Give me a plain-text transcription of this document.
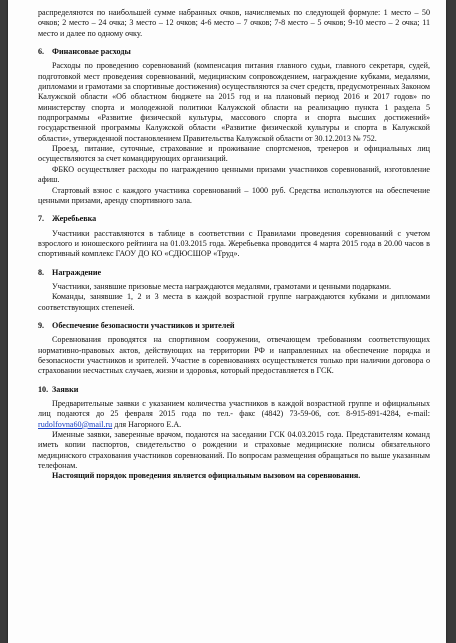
распределяются по наибольшей сумме набранных очков, начисляемых по следующей формуле: 1 место – 50 очков; 2 место – 24 очка; 3 место – 12 очков; 4-6 место – 7 очков; 7-8 место – 5 очков; 9-10 место – 2 очка; 11 место и далее по одному очку.

6. Финансовые расходы

Расходы по проведению соревнований (компенсация питания главного судьи, главного секретаря, судей, подготовкой мест проведения соревнований, медицинским сопровождением, награждение кубками, медалями, дипломами и грамотами за спортивные достижения) осуществляются за счет средств, предусмотренных Законом Калужской области «Об областном бюджете на 2015 год и на плановый период 2016 и 2017 годов» по министерству спорта и молодежной политики Калужской области на реализацию пункта 1 раздела 5 подпрограммы «Развитие физической культуры, массового спорта и спорта высших достижений» государственной программы Калужской области «Развитие физической культуры и спорта в Калужской области», утвержденной постановлением Правительства Калужской области от 30.12.2013 № 752.

Проезд, питание, суточные, страхование и проживание спортсменов, тренеров и официальных лиц осуществляются за счет командирующих организаций.

ФБКО осуществляет расходы по награждению ценными призами участников соревнований, изготовление афиш.

Стартовый взнос с каждого участника соревнований – 1000 руб. Средства используются на обеспечение ценными призами, аренду спортивного зала.

7. Жеребьевка

Участники расставляются в таблице в соответствии с Правилами проведения соревнований с учетом взрослого и юношеского рейтинга на 01.03.2015 года. Жеребьевка проводится 4 марта 2015 года в 20.00 часов в спортивный комплекс ГАОУ ДО КО «СДЮСШОР «Труд».

8. Награждение

Участники, занявшие призовые места награждаются медалями, грамотами и ценными подарками.

Команды, занявшие 1, 2 и 3 места в каждой возрастной группе награждаются кубками и дипломами соответствующих степеней.

9. Обеспечение безопасности участников и зрителей

Соревнования проводятся на спортивном сооружении, отвечающем требованиям соответствующих нормативно-правовых актов, действующих на территории РФ и направленных на обеспечение порядка и безопасности участников и зрителей. Участие в соревнованиях осуществляется только при наличии договора о страховании несчастных случаев, жизни и здоровья, который предоставляется в ГСК.

10. Заявки

Предварительные заявки с указанием количества участников в каждой возрастной группе и официальных лиц подаются до 25 февраля 2015 года по тел.- факс (4842) 73-59-06, сот. 8-915-891-4284, e-mail: rudolfovna60@mail.ru для Нагорного Е.А.

Именные заявки, заверенные врачом, подаются на заседании ГСК 04.03.2015 года. Представителям команд иметь копии паспортов, свидетельство о рождении и страховые медицинские полисы обязательного медицинского страхования участников соревнований. По вопросам размещения обращаться по выше указанным телефонам.

Настоящий порядок проведения является официальным вызовом на соревнования.
